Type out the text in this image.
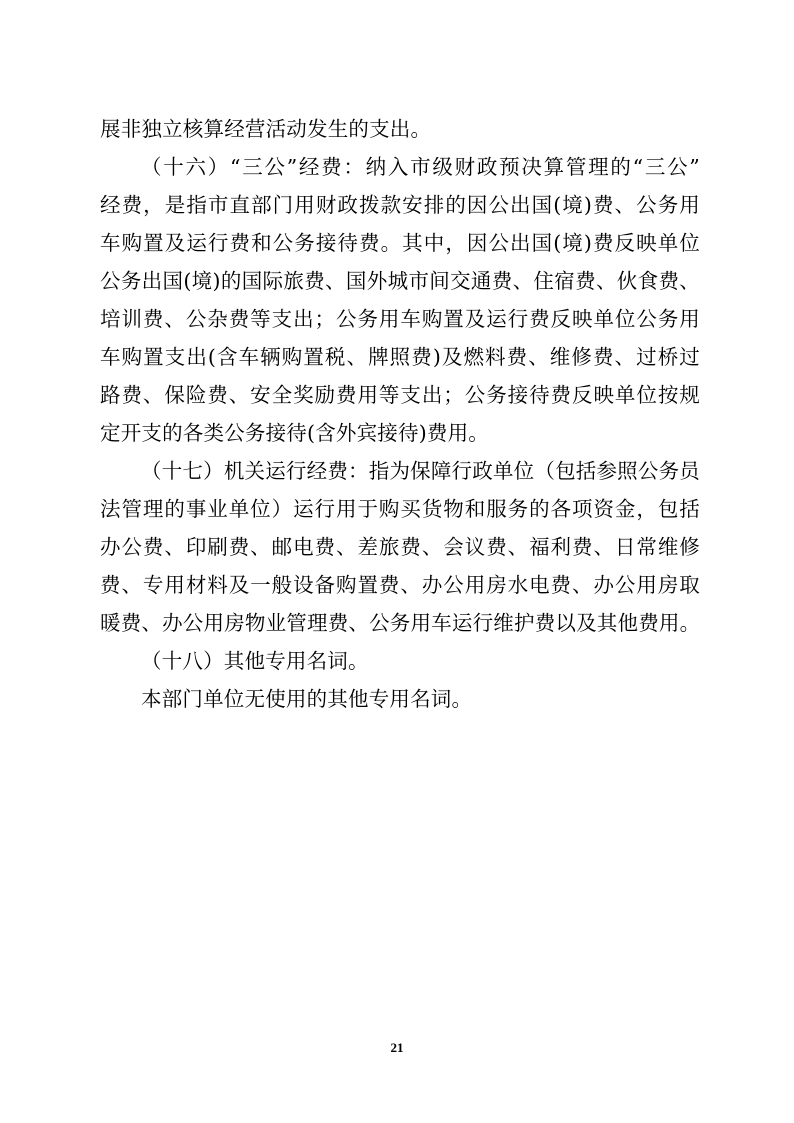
展非独立核算经营活动发生的支出。
（十六）“三公”经费：纳入市级财政预决算管理的“三公”
经费，是指市直部门用财政拨款安排的因公出国(境)费、公务用
车购置及运行费和公务接待费。其中，因公出国(境)费反映单位
公务出国(境)的国际旅费、国外城市间交通费、住宿费、伙食费、
培训费、公杂费等支出；公务用车购置及运行费反映单位公务用
车购置支出(含车辆购置税、牌照费)及燃料费、维修费、过桥过
路费、保险费、安全奖励费用等支出；公务接待费反映单位按规
定开支的各类公务接待(含外宾接待)费用。
（十七）机关运行经费：指为保障行政单位（包括参照公务员
法管理的事业单位）运行用于购买货物和服务的各项资金，包括
办公费、印刷费、邮电费、差旅费、会议费、福利费、日常维修
费、专用材料及一般设备购置费、办公用房水电费、办公用房取
暖费、办公用房物业管理费、公务用车运行维护费以及其他费用。
（十八）其他专用名词。
本部门单位无使用的其他专用名词。
21
